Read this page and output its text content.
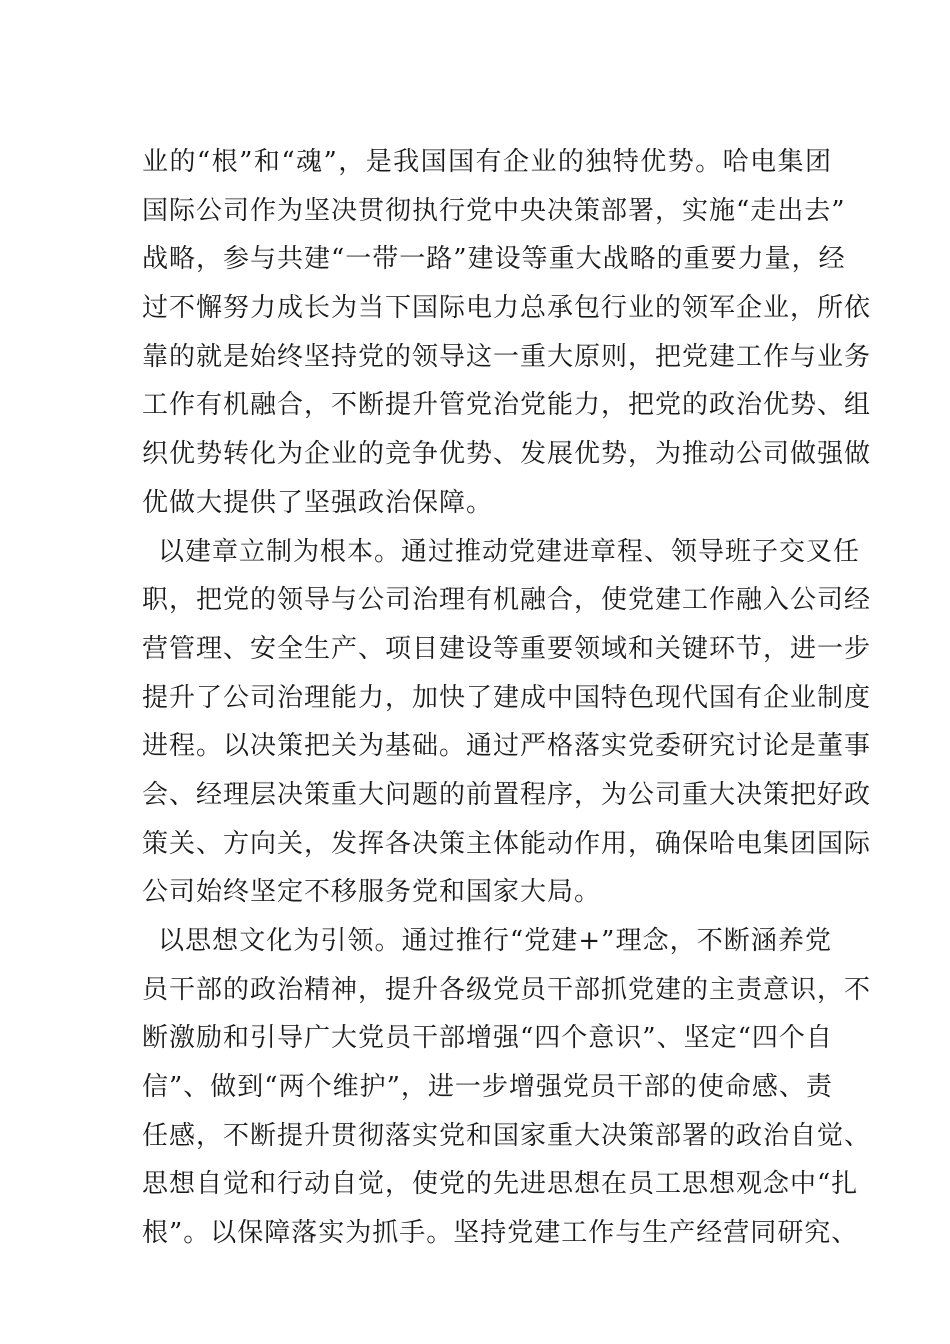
业的“根”和“魂”，是我国国有企业的独特优势。哈电集团
国际公司作为坚决贯彻执行党中央决策部署，实施“走出去”
战略，参与共建“一带一路”建设等重大战略的重要力量，经
过不懈努力成长为当下国际电力总承包行业的领军企业，所依
靠的就是始终坚持党的领导这一重大原则，把党建工作与业务
工作有机融合，不断提升管党治党能力，把党的政治优势、组
织优势转化为企业的竞争优势、发展优势，为推动公司做强做
优做大提供了坚强政治保障。
以建章立制为根本。通过推动党建进章程、领导班子交叉任
职，把党的领导与公司治理有机融合，使党建工作融入公司经
营管理、安全生产、项目建设等重要领域和关键环节，进一步
提升了公司治理能力，加快了建成中国特色现代国有企业制度
进程。以决策把关为基础。通过严格落实党委研究讨论是董事
会、经理层决策重大问题的前置程序，为公司重大决策把好政
策关、方向关，发挥各决策主体能动作用，确保哈电集团国际
公司始终坚定不移服务党和国家大局。
以思想文化为引领。通过推行“党建+”理念，不断涵养党
员干部的政治精神，提升各级党员干部抓党建的主责意识，不
断激励和引导广大党员干部增强“四个意识”、坚定“四个自
信”、做到“两个维护”，进一步增强党员干部的使命感、责
任感，不断提升贯彻落实党和国家重大决策部署的政治自觉、
思想自觉和行动自觉，使党的先进思想在员工思想观念中“扎
根”。以保障落实为抓手。坚持党建工作与生产经营同研究、
